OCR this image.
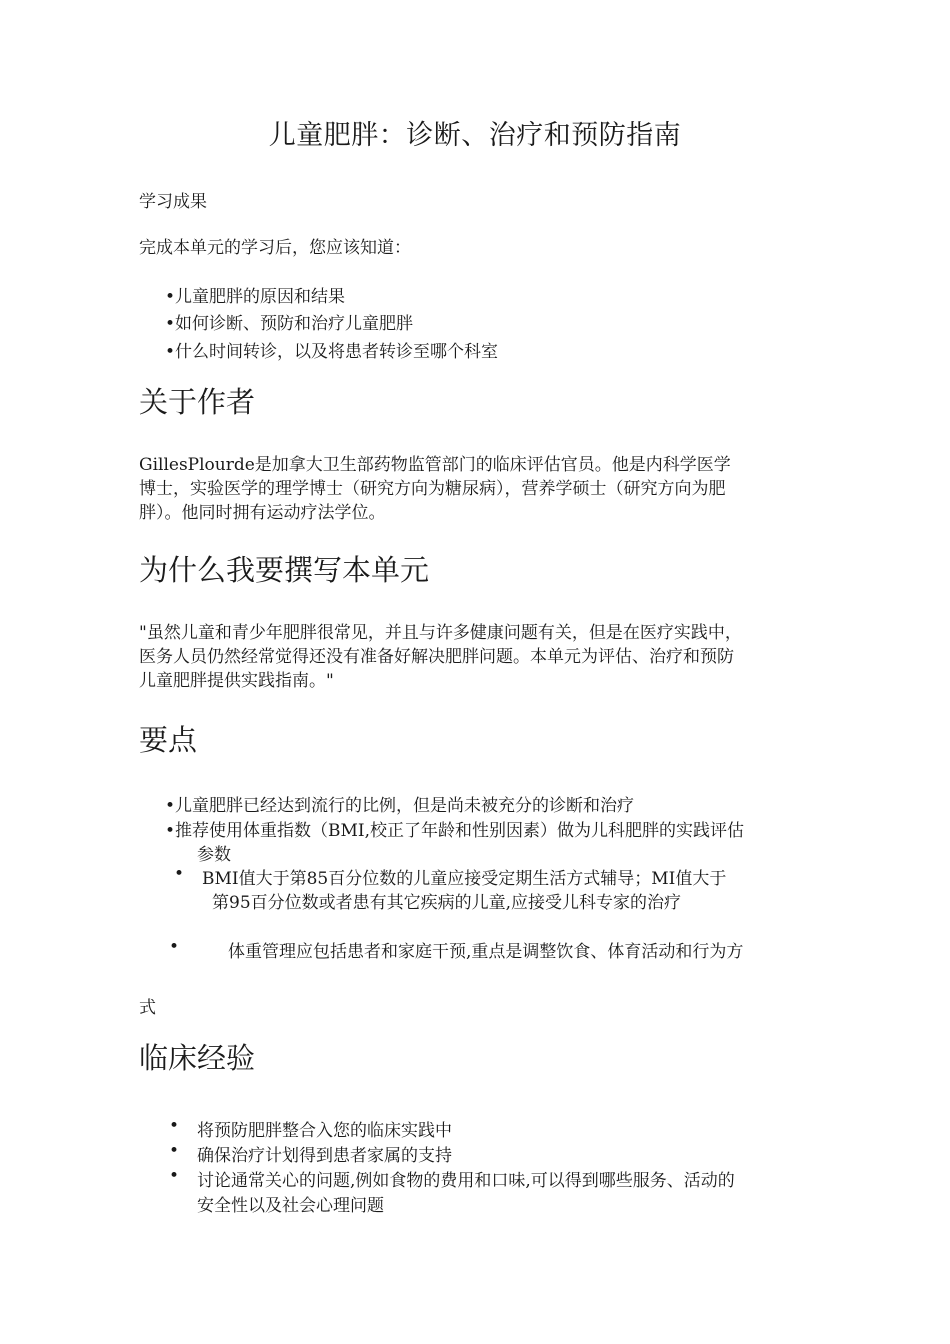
儿童肥胖：诊断、治疗和预防指南
学习成果
完成本单元的学习后，您应该知道：
•儿童肥胖的原因和结果
•如何诊断、预防和治疗儿童肥胖
•什么时间转诊，以及将患者转诊至哪个科室
关于作者
GillesPlourde是加拿大卫生部药物监管部门的临床评估官员。他是内科学医学
博士，实验医学的理学博士（研究方向为糖尿病），营养学硕士（研究方向为肥
胖）。他同时拥有运动疗法学位。
为什么我要撰写本单元
"虽然儿童和青少年肥胖很常见，并且与许多健康问题有关，但是在医疗实践中，
医务人员仍然经常觉得还没有准备好解决肥胖问题。本单元为评估、治疗和预防
儿童肥胖提供实践指南。"
要点
•儿童肥胖已经达到流行的比例，但是尚未被充分的诊断和治疗
•推荐使用体重指数（BMI,校正了年龄和性别因素）做为儿科肥胖的实践评估
参数
• BMI值大于第85百分位数的儿童应接受定期生活方式辅导；MI值大于
第95百分位数或者患有其它疾病的儿童,应接受儿科专家的治疗
•	体重管理应包括患者和家庭干预,重点是调整饮食、体育活动和行为方
式
临床经验
• 将预防肥胖整合入您的临床实践中
• 确保治疗计划得到患者家属的支持
• 讨论通常关心的问题,例如食物的费用和口味,可以得到哪些服务、活动的
安全性以及社会心理问题
